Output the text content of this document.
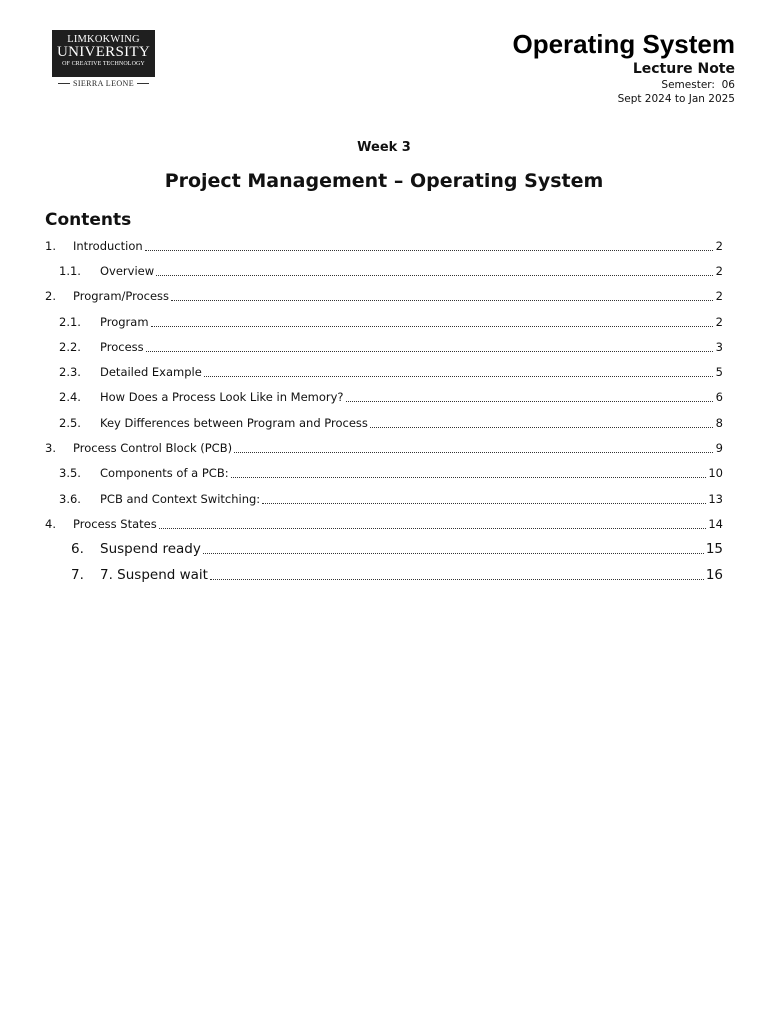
LIMKOKWING
UNIVERSITY
OF CREATIVE TECHNOLOGY
SIERRA LEONE
Operating System
Lecture Note
Semester:  06
Sept 2024 to Jan 2025
Week 3
Project Management – Operating System
Contents
1.	Introduction	2
1.1.	Overview	2
2.	Program/Process	2
2.1.	Program	2
2.2.	Process	3
2.3.	Detailed Example	5
2.4.	How Does a Process Look Like in Memory?	6
2.5.	Key Differences between Program and Process	8
3.	Process Control Block (PCB)	9
3.5.	Components of a PCB:	10
3.6.	PCB and Context Switching:	13
4.	Process States	14
6.	Suspend ready	15
7.	7. Suspend wait	16
